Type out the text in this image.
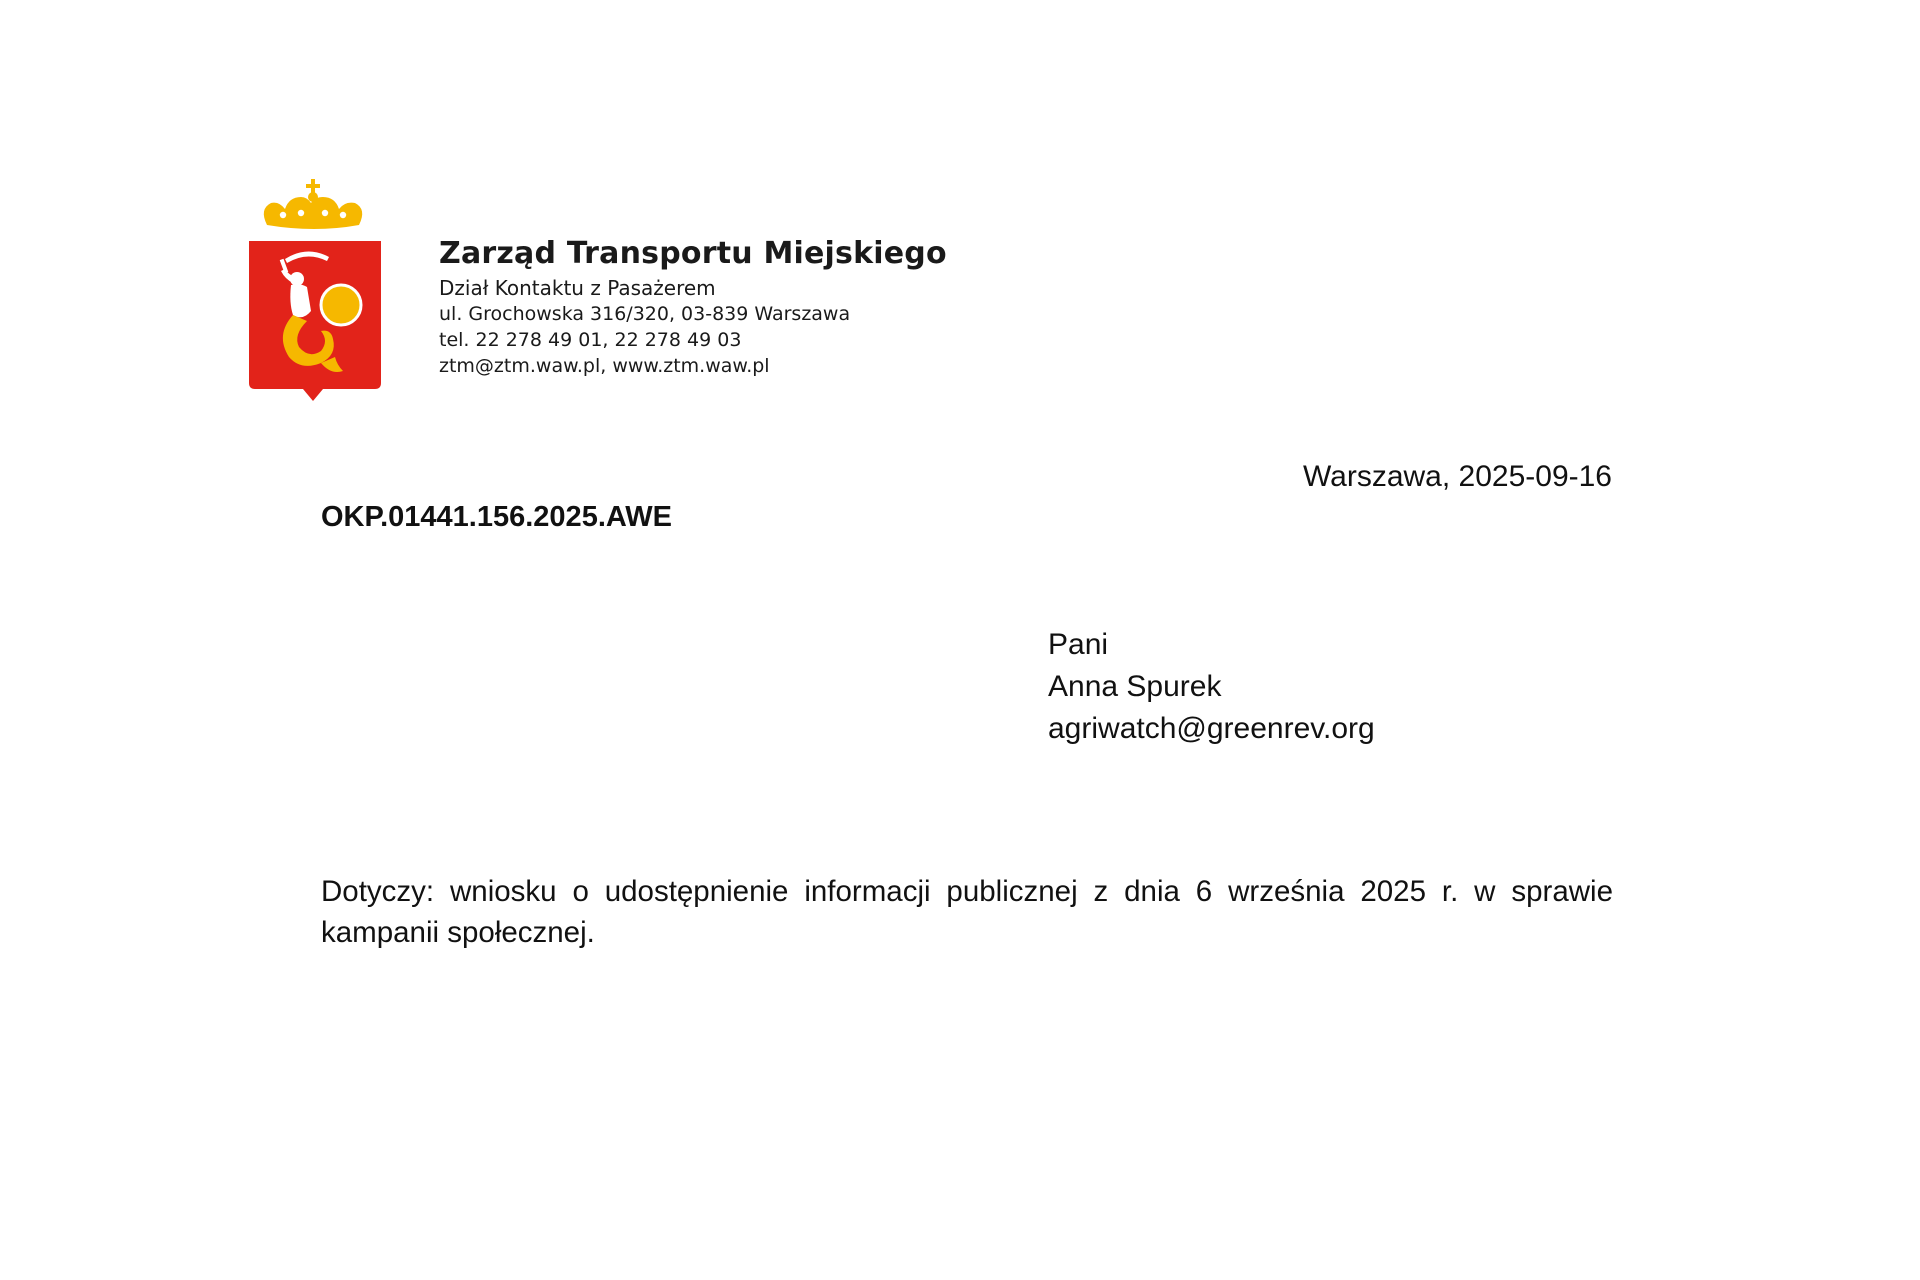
Zarząd Transportu Miejskiego
Dział Kontaktu z Pasażerem
ul. Grochowska 316/320, 03-839 Warszawa
tel. 22 278 49 01, 22 278 49 03
ztm@ztm.waw.pl, www.ztm.waw.pl
Warszawa, 2025-09-16
OKP.01441.156.2025.AWE
Pani
Anna Spurek
agriwatch@greenrev.org
Dotyczy: wniosku o udostępnienie informacji publicznej z dnia 6 września 2025 r. w sprawie kampanii społecznej.
